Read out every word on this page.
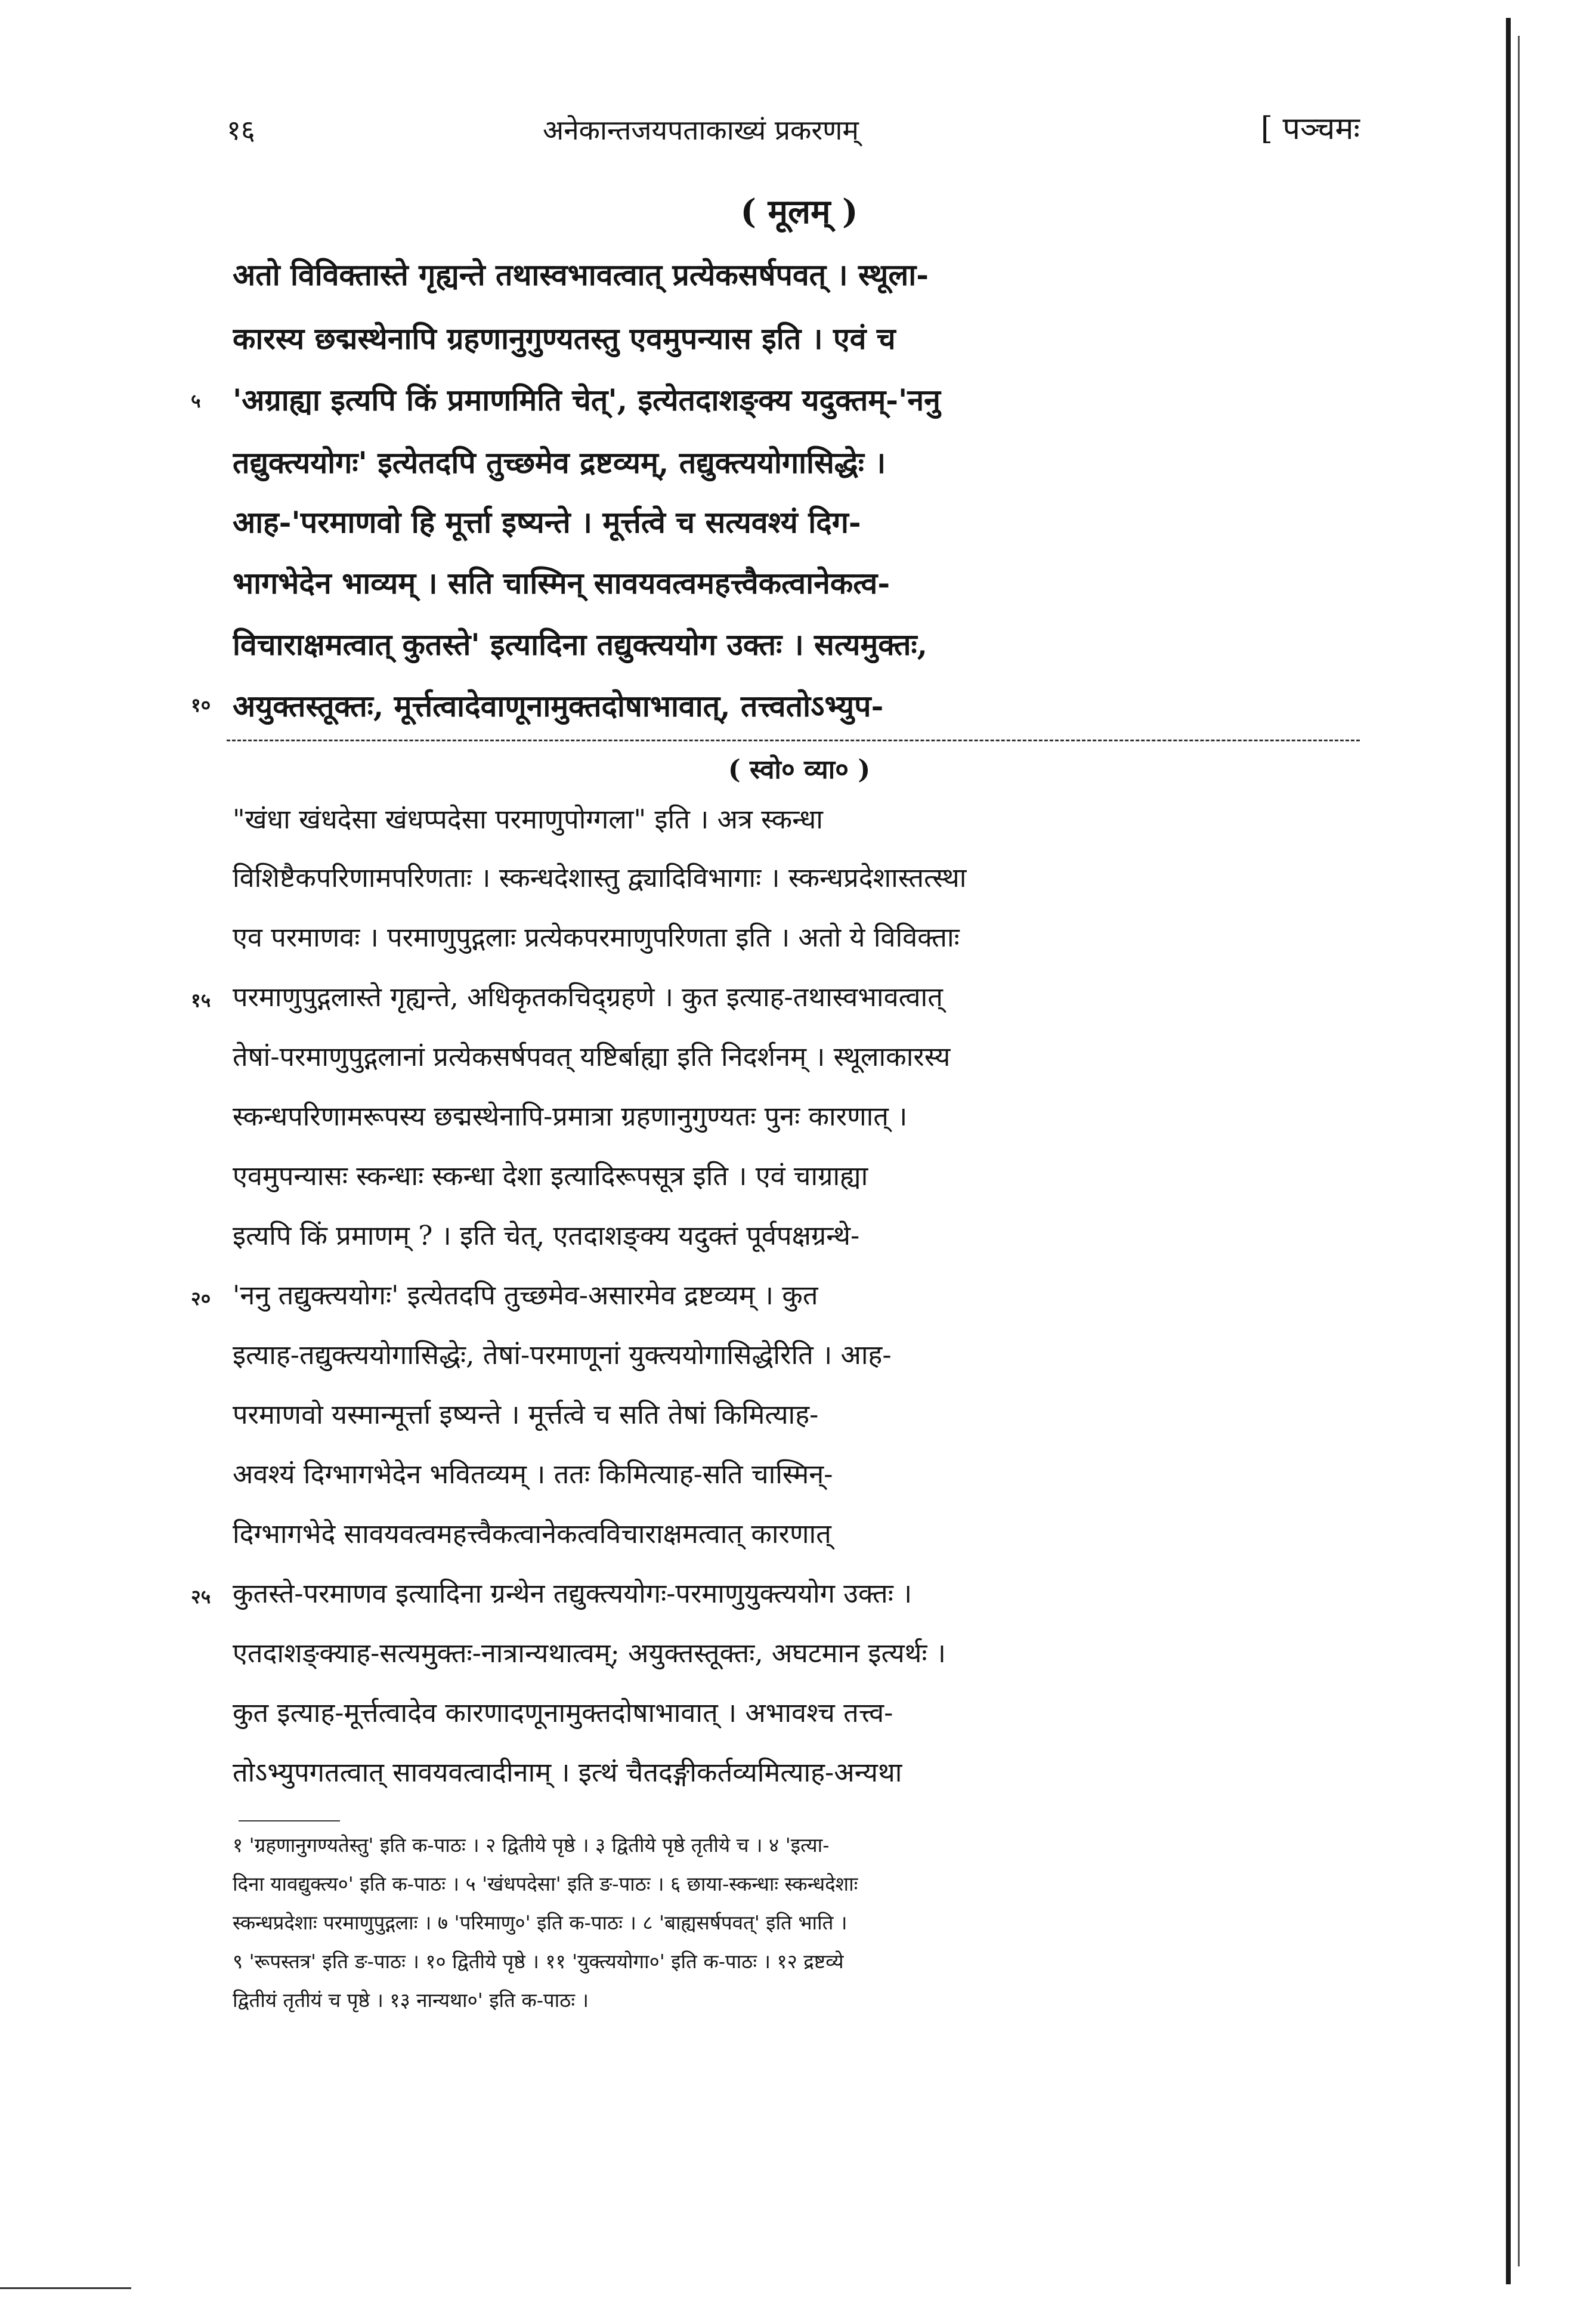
१६	अनेकान्तजयपताकाख्यं प्रकरणम्	[ पञ्चमः
( मूलम् )
अतो विविक्तास्ते गृह्यन्ते तथास्वभावत्वात् प्रत्येकसर्षपवत् । स्थूला-
कारस्य छद्मस्थेनापि ग्रहणानुगुण्यतस्तु एवमुपन्यास इति । एवं च
'अग्राह्या इत्यपि किं प्रमाणमिति चेत्', इत्येतदाशङ्क्य यदुक्तम्-'ननु
तद्युक्त्ययोगः' इत्येतदपि तुच्छमेव द्रष्टव्यम्, तद्युक्त्ययोगासिद्धेः ।
आह-'परमाणवो हि मूर्त्ता इष्यन्ते । मूर्त्तत्वे च सत्यवश्यं दिग-
भागभेदेन भाव्यम् । सति चास्मिन् सावयवत्वमहत्त्वैकत्वानेकत्व-
विचाराक्षमत्वात् कुतस्ते' इत्यादिना तद्युक्त्ययोग उक्तः । सत्यमुक्तः,
अयुक्तस्तूक्तः, मूर्त्तत्वादेवाणूनामुक्तदोषाभावात्, तत्त्वतोऽभ्युप-
( स्वो० व्या० )
"खंधा खंधदेसा खंधप्पदेसा परमाणुपोग्गला" इति । अत्र स्कन्धा
विशिष्टैकपरिणामपरिणताः । स्कन्धदेशास्तु द्व्यादिविभागाः । स्कन्धप्रदेशास्तत्स्था
एव परमाणवः । परमाणुपुद्गलाः प्रत्येकपरमाणुपरिणता इति । अतो ये विविक्ताः
परमाणुपुद्गलास्ते गृह्यन्ते, अधिकृतकचिद्ग्रहणे । कुत इत्याह-तथास्वभावत्वात्
तेषां-परमाणुपुद्गलानां प्रत्येकसर्षपवत् यष्टिर्बाह्या इति निदर्शनम् । स्थूलाकारस्य
स्कन्धपरिणामरूपस्य छद्मस्थेनापि-प्रमात्रा ग्रहणानुगुण्यतः पुनः कारणात् ।
एवमुपन्यासः स्कन्धाः स्कन्धा देशा इत्यादिरूपसूत्र इति । एवं चाग्राह्या
इत्यपि किं प्रमाणम् ? । इति चेत्, एतदाशङ्क्य यदुक्तं पूर्वपक्षग्रन्थे-
'ननु तद्युक्त्ययोगः' इत्येतदपि तुच्छमेव-असारमेव द्रष्टव्यम् । कुत
इत्याह-तद्युक्त्ययोगासिद्धेः, तेषां-परमाणूनां युक्त्ययोगासिद्धेरिति । आह-
परमाणवो यस्मान्मूर्त्ता इष्यन्ते । मूर्त्तत्वे च सति तेषां किमित्याह-
अवश्यं दिग्भागभेदेन भवितव्यम् । ततः किमित्याह-सति चास्मिन्-
दिग्भागभेदे सावयवत्वमहत्त्वैकत्वानेकत्वविचाराक्षमत्वात् कारणात्
कुतस्ते-परमाणव इत्यादिना ग्रन्थेन तद्युक्त्ययोगः-परमाणुयुक्त्ययोग उक्तः ।
एतदाशङ्क्याह-सत्यमुक्तः-नात्रान्यथात्वम्; अयुक्तस्तूक्तः, अघटमान इत्यर्थः ।
कुत इत्याह-मूर्त्तत्वादेव कारणादणूनामुक्तदोषाभावात् । अभावश्च तत्त्व-
तोऽभ्युपगतत्वात् सावयवत्वादीनाम् । इत्थं चैतदङ्गीकर्तव्यमित्याह-अन्यथा
५
१०
१५
२०
२५
१ 'ग्रहणानुगण्यतेस्तु' इति क-पाठः । २ द्वितीये पृष्ठे । ३ द्वितीये पृष्ठे तृतीये च । ४ 'इत्या-
दिना यावद्युक्त्य०' इति क-पाठः । ५ 'खंधपदेसा' इति ङ-पाठः । ६ छाया-स्कन्धाः स्कन्धदेशाः
स्कन्धप्रदेशाः परमाणुपुद्गलाः । ७ 'परिमाणु०' इति क-पाठः । ८ 'बाह्यसर्षपवत्' इति भाति ।
९ 'रूपस्तत्र' इति ङ-पाठः । १० द्वितीये पृष्ठे । ११ 'युक्त्ययोगा०' इति क-पाठः । १२ द्रष्टव्ये
द्वितीयं तृतीयं च पृष्ठे । १३ नान्यथा०' इति क-पाठः ।
